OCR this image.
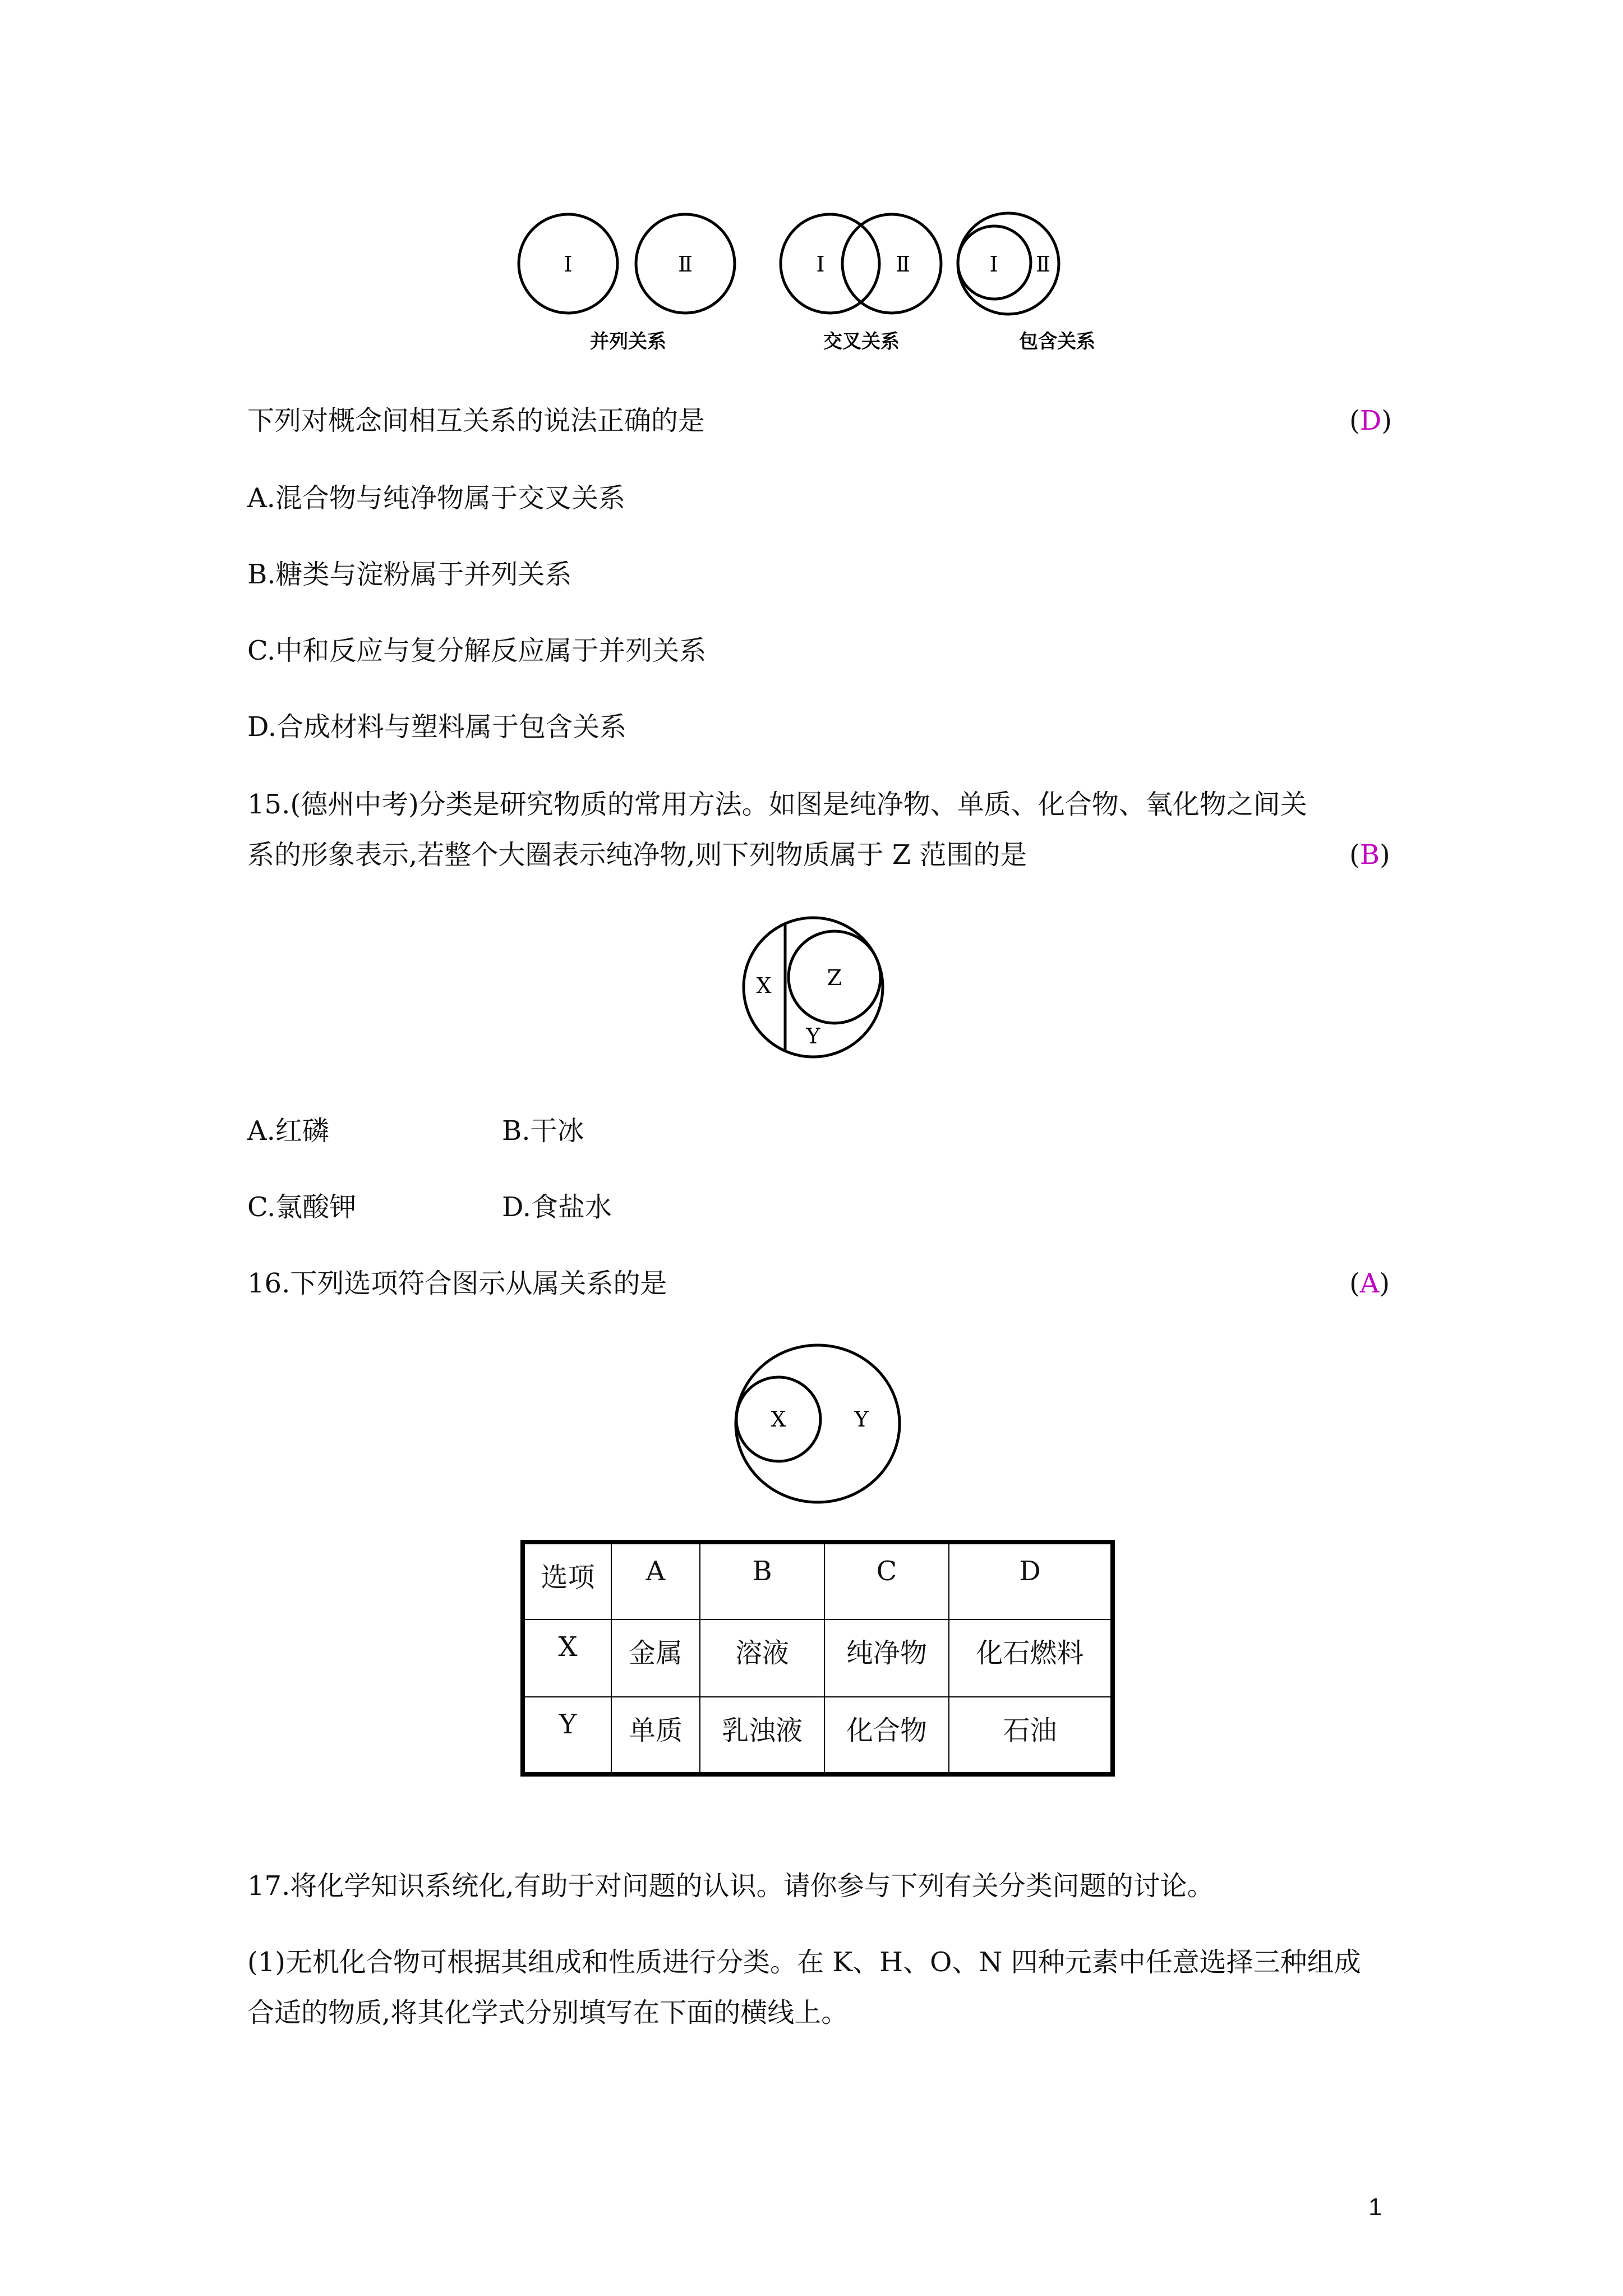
Ⅰ	Ⅱ	Ⅰ	Ⅱ	Ⅰ Ⅱ
并列关系	交叉关系	包含关系
下列对概念间相互关系的说法正确的是	(D)
A.混合物与纯净物属于交叉关系
B.糖类与淀粉属于并列关系
C.中和反应与复分解反应属于并列关系
D.合成材料与塑料属于包含关系
15.(德州中考)分类是研究物质的常用方法。如图是纯净物、单质、化合物、氧化物之间关
系的形象表示,若整个大圈表示纯净物,则下列物质属于 Z 范围的是	(B)
X	Z
Y
A.红磷	B.干冰
C.氯酸钾	D.食盐水
16.下列选项符合图示从属关系的是	(A)
X	Y
选项	A	B	C	D
X	金属	溶液	纯净物	化石燃料
Y	单质	乳浊液	化合物	石油
17.将化学知识系统化,有助于对问题的认识。请你参与下列有关分类问题的讨论。
(1)无机化合物可根据其组成和性质进行分类。在 K、H、O、N 四种元素中任意选择三种组成
合适的物质,将其化学式分别填写在下面的横线上。
1
